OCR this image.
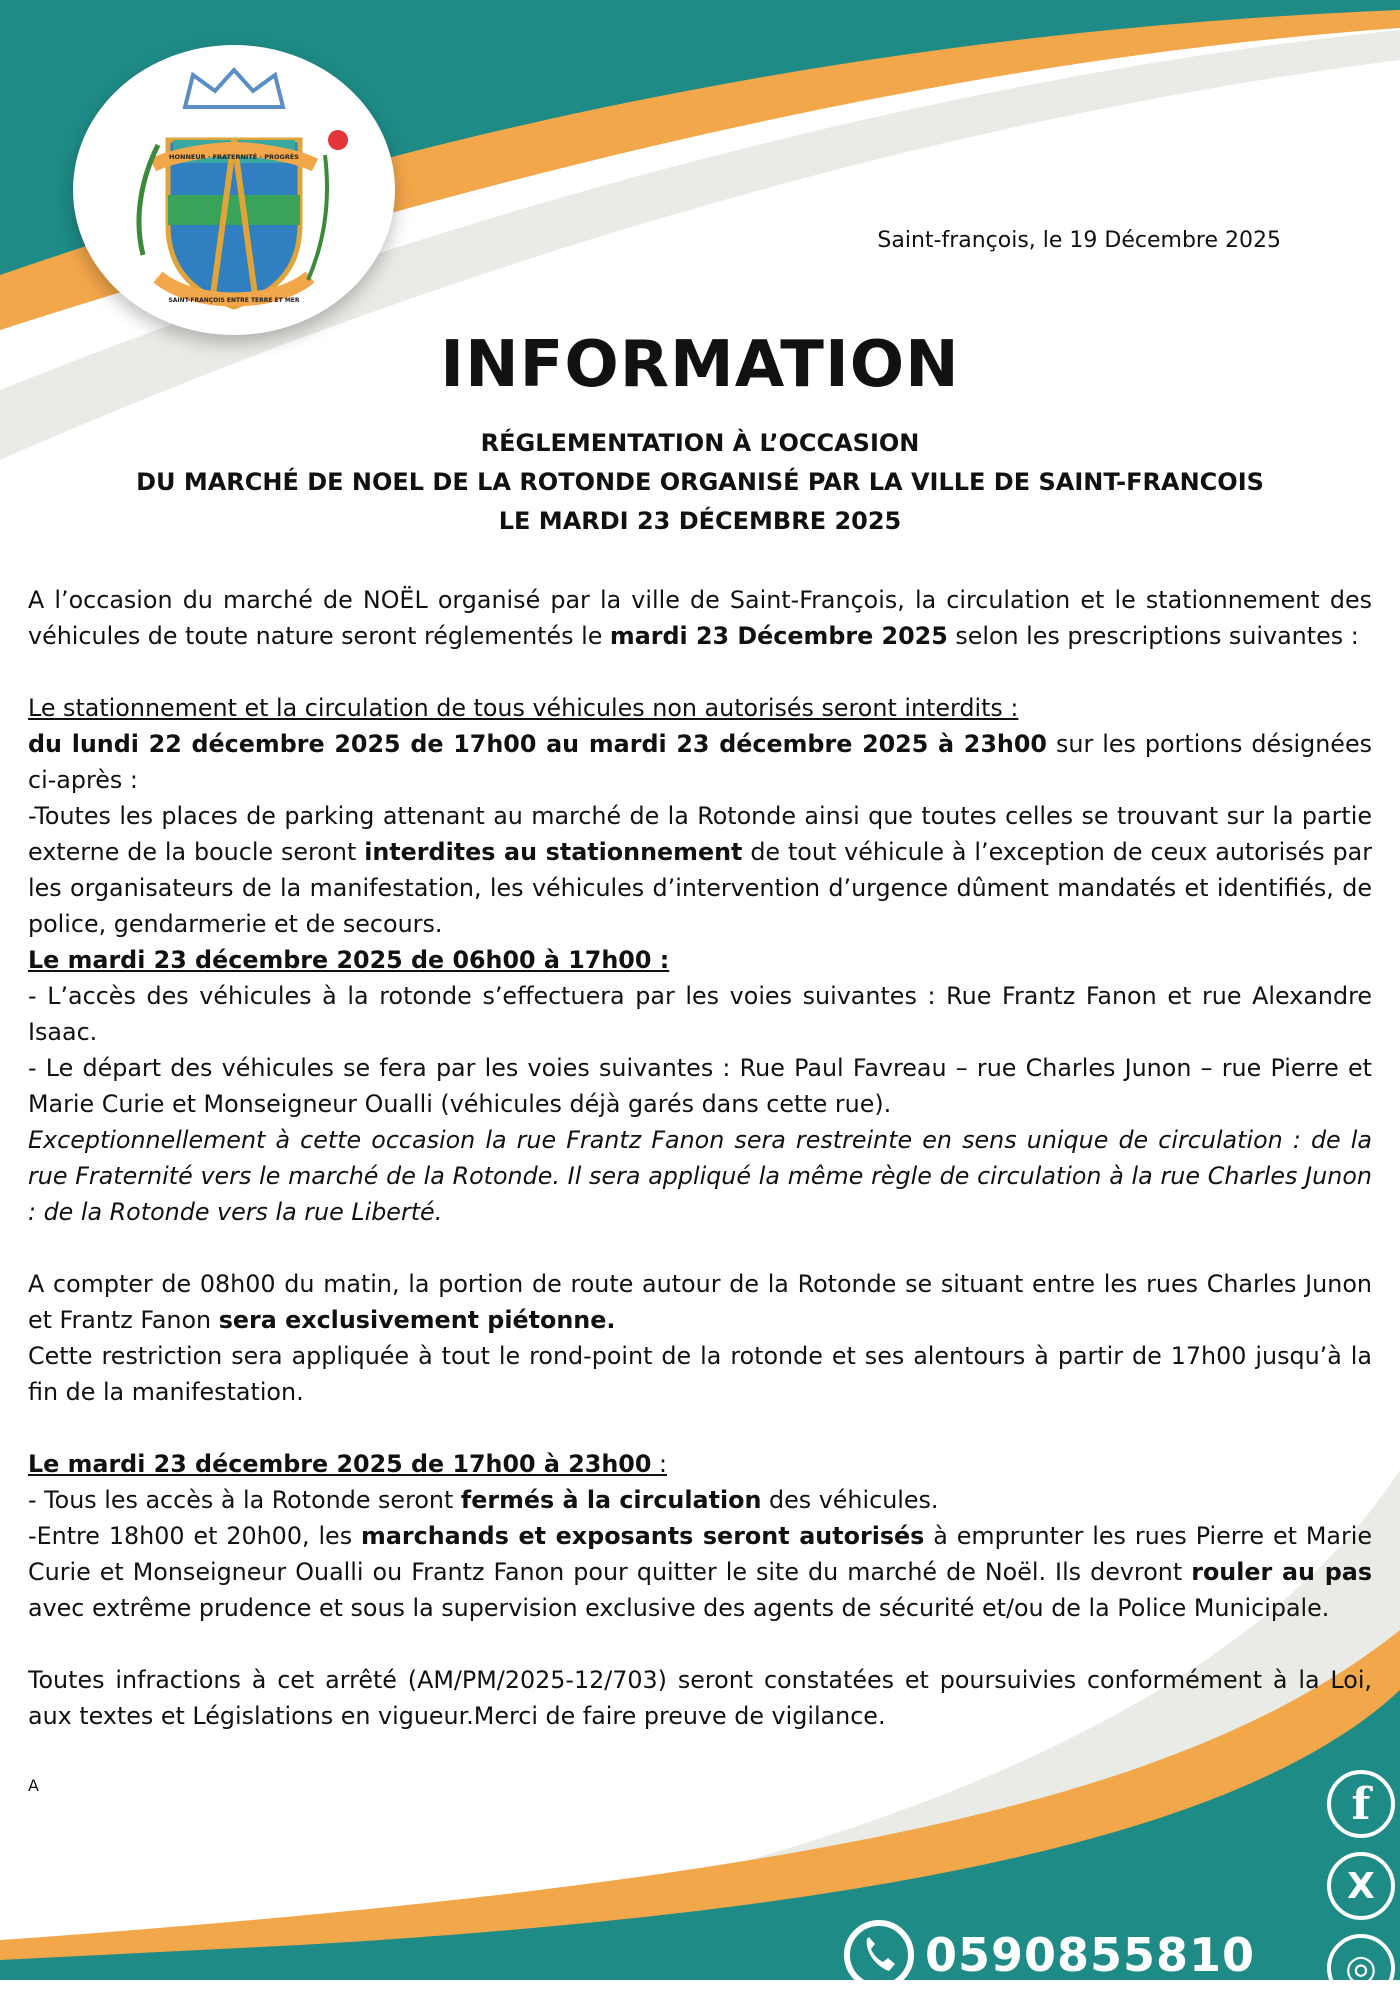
HONNEUR · FRATERNITÉ · PROGRÈS
SAINT-FRANÇOIS ENTRE TERRE ET MER
Saint-françois, le 19 Décembre 2025
INFORMATION
RÉGLEMENTATION À L’OCCASION
DU MARCHÉ DE NOEL DE LA ROTONDE ORGANISÉ PAR LA VILLE DE SAINT-FRANCOIS
LE MARDI 23 DÉCEMBRE 2025

A l’occasion du marché de NOËL organisé par la ville de Saint-François, la circulation et le stationnement des véhicules de toute nature seront réglementés le mardi 23 Décembre 2025 selon les prescriptions suivantes :

Le stationnement et la circulation de tous véhicules non autorisés seront interdits :

du lundi 22 décembre 2025 de 17h00 au mardi 23 décembre 2025 à 23h00 sur les portions désignées ci-après :

-Toutes les places de parking attenant au marché de la Rotonde ainsi que toutes celles se trouvant sur la partie externe de la boucle seront interdites au stationnement de tout véhicule à l’exception de ceux autorisés par les organisateurs de la manifestation, les véhicules d’intervention d’urgence dûment mandatés et identifiés, de police, gendarmerie et de secours.

Le mardi 23 décembre 2025 de 06h00 à 17h00 :

- L’accès des véhicules à la rotonde s’effectuera par les voies suivantes : Rue Frantz Fanon et rue Alexandre Isaac.

- Le départ des véhicules se fera par les voies suivantes : Rue Paul Favreau – rue Charles Junon – rue Pierre et Marie Curie et Monseigneur Oualli (véhicules déjà garés dans cette rue).

Exceptionnellement à cette occasion la rue Frantz Fanon sera restreinte en sens unique de circulation : de la rue Fraternité vers le marché de la Rotonde. Il sera appliqué la même règle de circulation à la rue Charles Junon : de la Rotonde vers la rue Liberté.

A compter de 08h00 du matin, la portion de route autour de la Rotonde se situant entre les rues Charles Junon et Frantz Fanon sera exclusivement piétonne.

Cette restriction sera appliquée à tout le rond-point de la rotonde et ses alentours à partir de 17h00 jusqu’à la fin de la manifestation.

Le mardi 23 décembre 2025 de 17h00 à 23h00 :

- Tous les accès à la Rotonde seront fermés à la circulation des véhicules.

-Entre 18h00 et 20h00, les marchands et exposants seront autorisés à emprunter les rues Pierre et Marie Curie et Monseigneur Oualli ou Frantz Fanon pour quitter le site du marché de Noël. Ils devront rouler au pas avec extrême prudence et sous la supervision exclusive des agents de sécurité et/ou de la Police Municipale.

Toutes infractions à cet arrêté (AM/PM/2025-12/703) seront constatées et poursuivies conformément à la Loi, aux textes et Législations en vigueur.Merci de faire preuve de vigilance.

A	f
X
◎
0590855810
